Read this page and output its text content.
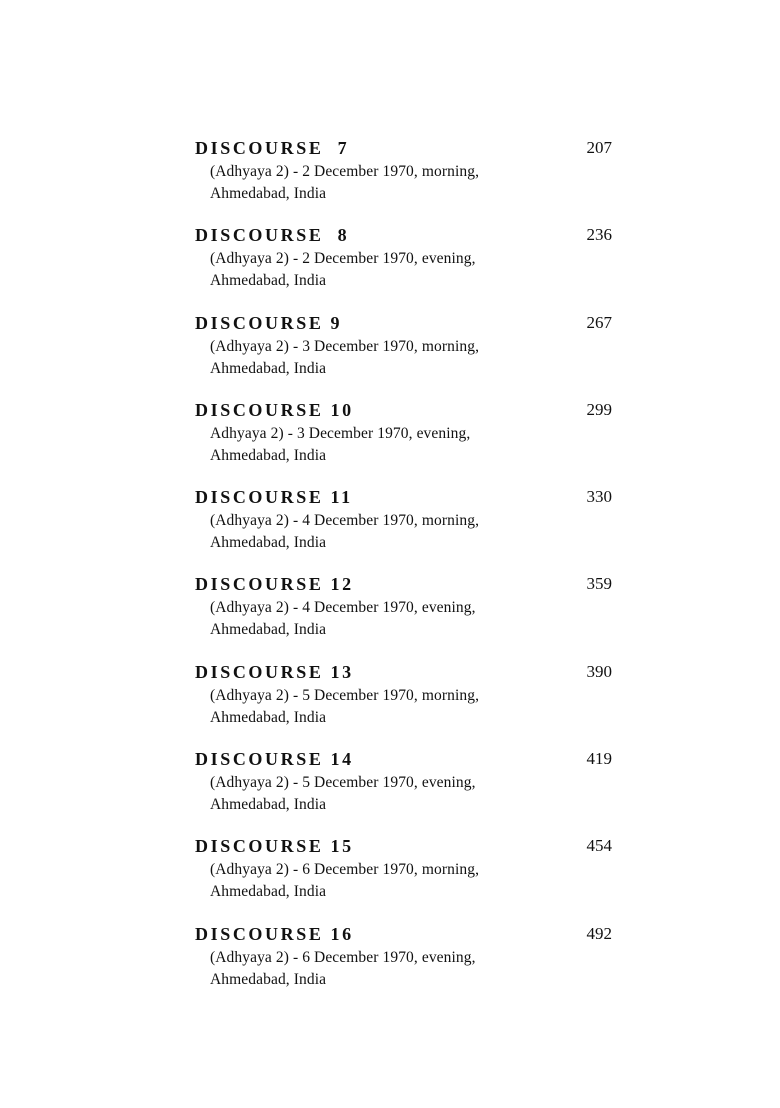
DISCOURSE  7	207
(Adhyaya 2) - 2 December 1970, morning,
Ahmedabad, India
DISCOURSE  8	236
(Adhyaya 2) - 2 December 1970, evening,
Ahmedabad, India
DISCOURSE 9	267
(Adhyaya 2) - 3 December 1970, morning,
Ahmedabad, India
DISCOURSE 10	299
Adhyaya 2) - 3 December 1970, evening,
Ahmedabad, India
DISCOURSE 11	330
(Adhyaya 2) - 4 December 1970, morning,
Ahmedabad, India
DISCOURSE 12	359
(Adhyaya 2) - 4 December 1970, evening,
Ahmedabad, India
DISCOURSE 13	390
(Adhyaya 2) - 5 December 1970, morning,
Ahmedabad, India
DISCOURSE 14	419
(Adhyaya 2) - 5 December 1970, evening,
Ahmedabad, India
DISCOURSE 15	454
(Adhyaya 2) - 6 December 1970, morning,
Ahmedabad, India
DISCOURSE 16	492
(Adhyaya 2) - 6 December 1970, evening,
Ahmedabad, India
